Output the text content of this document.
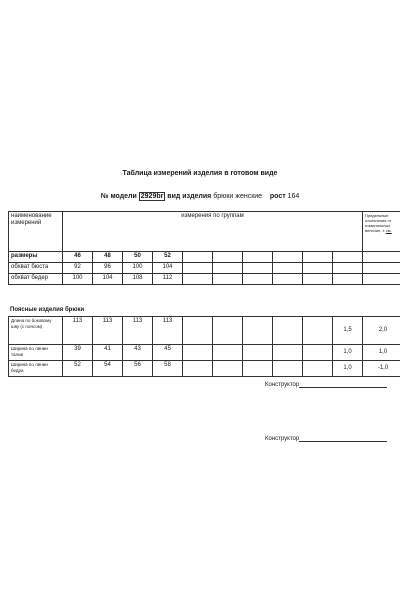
Таблица измерений изделия в готовом виде
№ модели 2929br вид изделия брюки женские рост 164
наименование измерений	измерения по группам										Предельные отклонения от номинальных величин, ± см.
размеры	46	48	50	52							
обхват бюста	92	96	100	104							
обхват бедер	100	104	108	112							
Поясные изделия брюки
Длина по боковому шву (с поясом)	113	113	113	113						1,5	2,0
Ширина по линии талии	39	41	43	45						1,0	1,0
Ширина по линии бедра	52	54	56	58						1,0	-1,0
Конструктор
Конструктор
